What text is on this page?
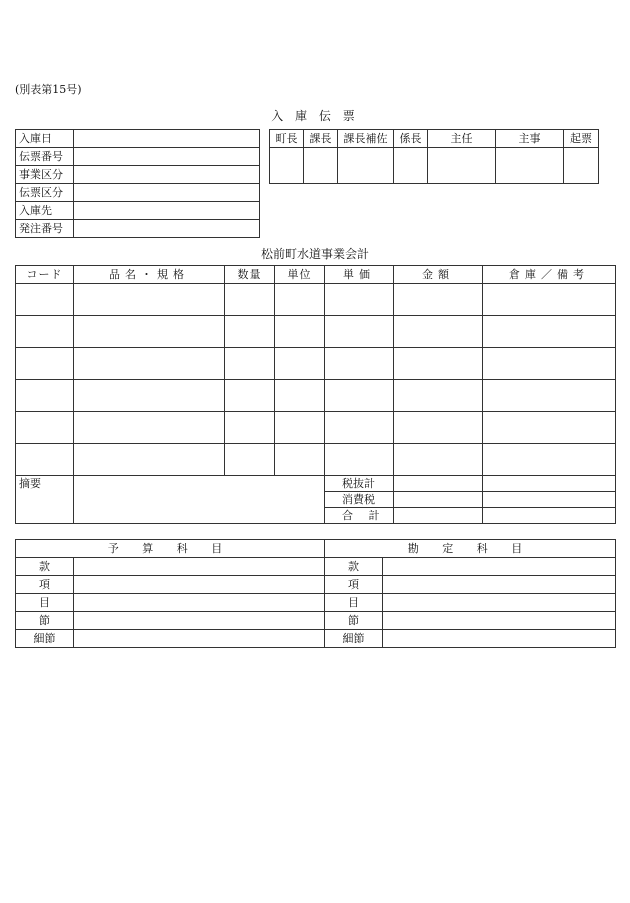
(別表第15号)
入 庫 伝 票
入庫日	
伝票番号	
事業区分	
伝票区分	
入庫先	
発注番号	
町長	課長	課長補佐	係長	主任	主事	起票

松前町水道事業会計
コード	品名・規格	数量	単位	単価	金額	倉庫／備考

摘要				税抜計		
				消費税		
				合 計		
予 算 科 目		勘 定 科 目	
款		款	
項		項	
目		目	
節		節	
細節		細節	
